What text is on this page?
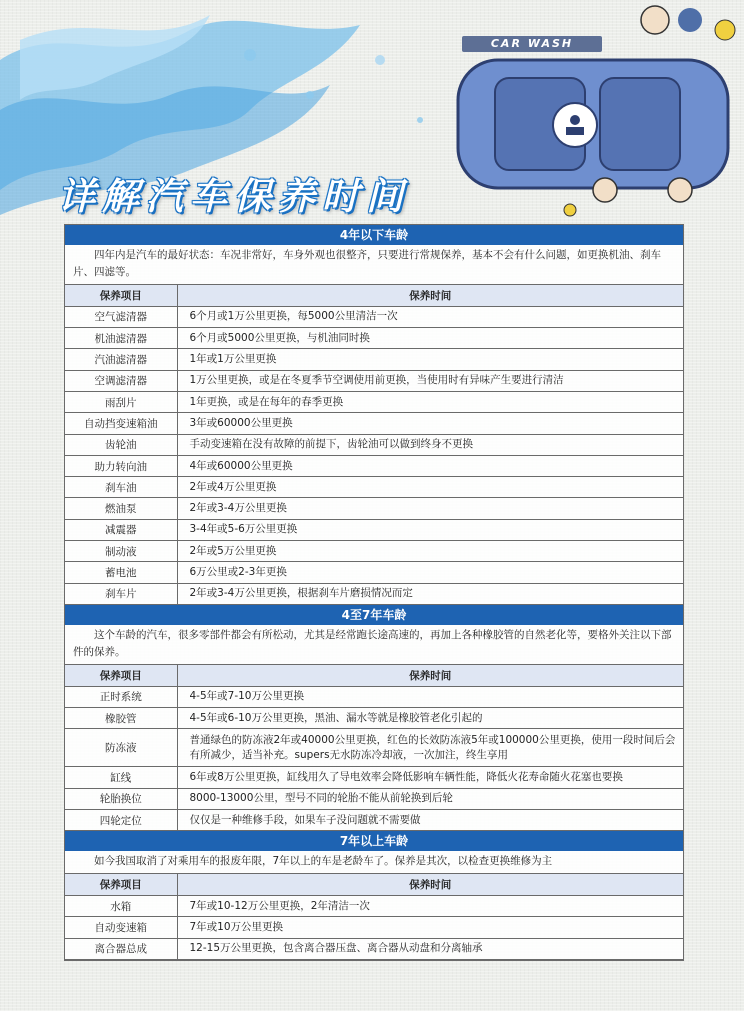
CAR WASH
详解汽车保养时间
4年以下车龄
四年内是汽车的最好状态：车况非常好，车身外观也很整齐，只要进行常规保养，基本不会有什么问题，如更换机油、刹车片、四滤等。
保养项目	保养时间
空气滤清器	6个月或1万公里更换，每5000公里清洁一次
机油滤清器	6个月或5000公里更换，与机油同时换
汽油滤清器	1年或1万公里更换
空调滤清器	1万公里更换，或是在冬夏季节空调使用前更换，当使用时有异味产生要进行清洁
雨刮片	1年更换，或是在每年的春季更换
自动挡变速箱油	3年或60000公里更换
齿轮油	手动变速箱在没有故障的前提下，齿轮油可以做到终身不更换
助力转向油	4年或60000公里更换
刹车油	2年或4万公里更换
燃油泵	2年或3-4万公里更换
减震器	3-4年或5-6万公里更换
制动液	2年或5万公里更换
蓄电池	6万公里或2-3年更换
刹车片	2年或3-4万公里更换，根据刹车片磨损情况而定
4至7年车龄
这个车龄的汽车，很多零部件都会有所松动，尤其是经常跑长途高速的，再加上各种橡胶管的自然老化等，要格外关注以下部件的保养。
保养项目	保养时间
正时系统	4-5年或7-10万公里更换
橡胶管	4-5年或6-10万公里更换，黑油、漏水等就是橡胶管老化引起的
防冻液	普通绿色的防冻液2年或40000公里更换，红色的长效防冻液5年或100000公里更换，使用一段时间后会有所减少，适当补充。supers无水防冻冷却液，一次加注，终生享用
缸线	6年或8万公里更换，缸线用久了导电效率会降低影响车辆性能，降低火花寿命随火花塞也要换
轮胎换位	8000-13000公里，型号不同的轮胎不能从前轮换到后轮
四轮定位	仅仅是一种维修手段，如果车子没问题就不需要做
7年以上车龄
如今我国取消了对乘用车的报废年限，7年以上的车是老龄车了。保养是其次，以检查更换维修为主
保养项目	保养时间
水箱	7年或10-12万公里更换，2年清洁一次
自动变速箱	7年或10万公里更换
离合器总成	12-15万公里更换，包含离合器压盘、离合器从动盘和分离轴承
